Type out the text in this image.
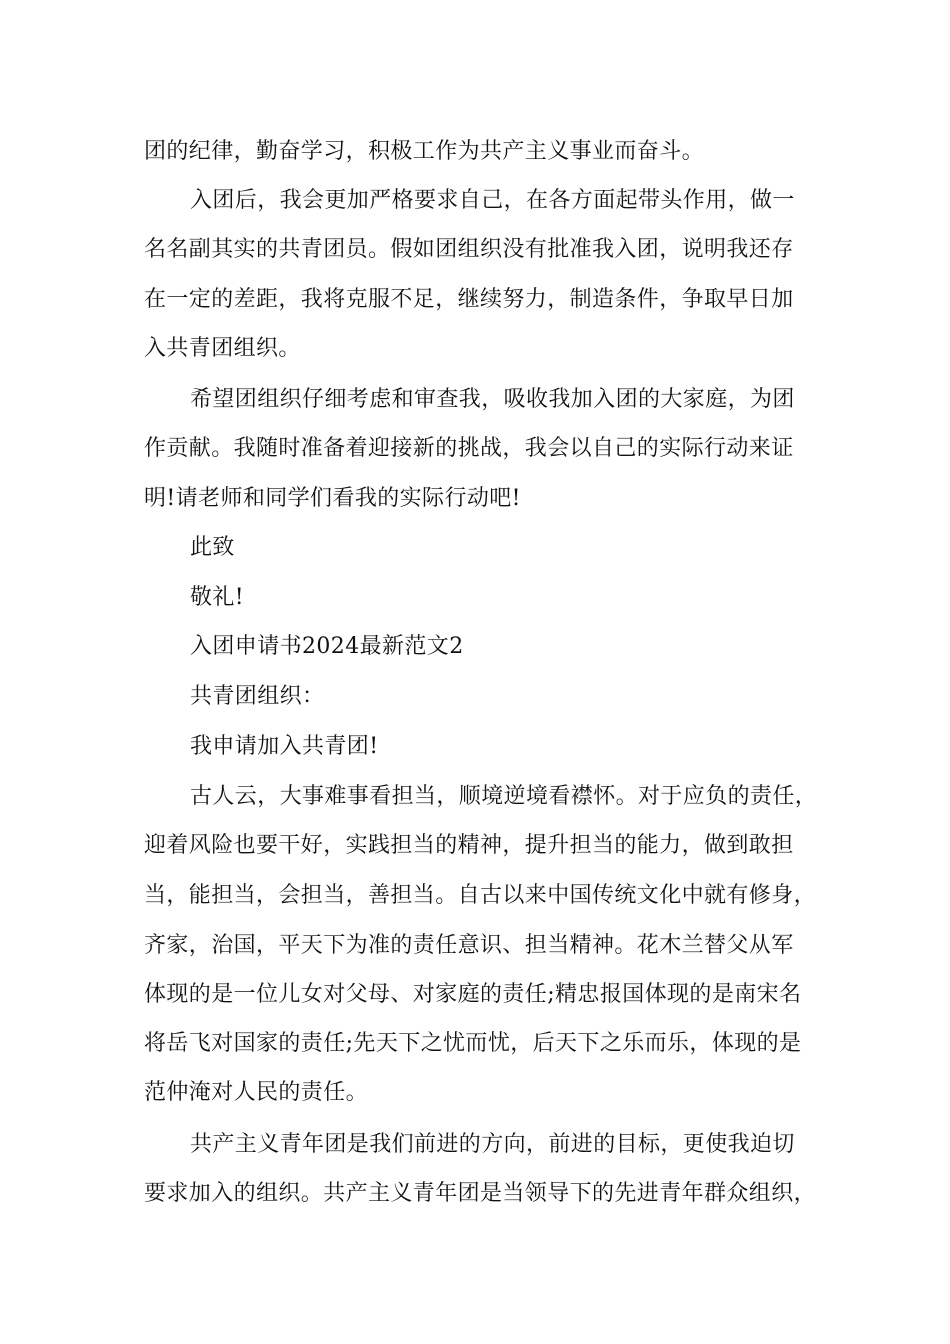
团的纪律，勤奋学习，积极工作为共产主义事业而奋斗。
入团后，我会更加严格要求自己，在各方面起带头作用，做一
名名副其实的共青团员。假如团组织没有批准我入团，说明我还存
在一定的差距，我将克服不足，继续努力，制造条件，争取早日加
入共青团组织。
希望团组织仔细考虑和审查我，吸收我加入团的大家庭，为团
作贡献。我随时准备着迎接新的挑战，我会以自己的实际行动来证
明!请老师和同学们看我的实际行动吧!
此致
敬礼!
入团申请书2024最新范文2
共青团组织：
我申请加入共青团!
古人云，大事难事看担当，顺境逆境看襟怀。对于应负的责任，
迎着风险也要干好，实践担当的精神，提升担当的能力，做到敢担
当，能担当，会担当，善担当。自古以来中国传统文化中就有修身，
齐家，治国，平天下为准的责任意识、担当精神。花木兰替父从军
体现的是一位儿女对父母、对家庭的责任;精忠报国体现的是南宋名
将岳飞对国家的责任;先天下之忧而忧，后天下之乐而乐，体现的是
范仲淹对人民的责任。
共产主义青年团是我们前进的方向，前进的目标，更使我迫切
要求加入的组织。共产主义青年团是当领导下的先进青年群众组织，
